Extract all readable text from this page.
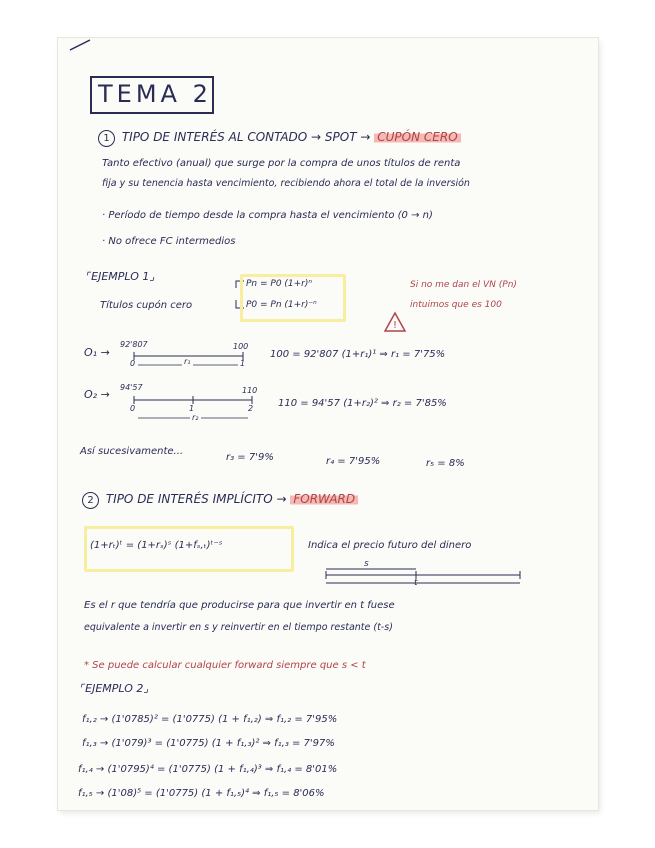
!
TEMA 2
1 TIPO DE INTERÉS AL CONTADO → SPOT → CUPÓN CERO
Tanto efectivo (anual) que surge por la compra de unos títulos de renta
fija y su tenencia hasta vencimiento, recibiendo ahora el total de la inversión
· Período de tiempo desde la compra hasta el vencimiento (0 → n)
· No ofrece FC intermedios
⌜EJEMPLO 1⌟
Títulos cupón cero
Pn = P0 (1+r)ⁿ
P0 = Pn (1+r)⁻ⁿ
Si no me dan el VN (Pn)
intuimos que es 100
O₁ →
92'807	100
0	1
r₁
100 = 92'807 (1+r₁)¹ ⇒ r₁ = 7'75%
O₂ →
94'57	110
0	1	2
r₂
110 = 94'57 (1+r₂)² ⇒ r₂ = 7'85%
Así sucesivamente...
r₃ = 7'9%	r₄ = 7'95%	r₅ = 8%
2 TIPO DE INTERÉS IMPLÍCITO → FORWARD
(1+rₜ)ᵗ = (1+rₛ)ˢ (1+fₛ,ₜ)ᵗ⁻ˢ	Indica el precio futuro del dinero
s
t
Es el r que tendría que producirse para que invertir en t fuese
equivalente a invertir en s y reinvertir en el tiempo restante (t-s)
* Se puede calcular cualquier forward siempre que s < t
⌜EJEMPLO 2⌟
f₁,₂ → (1'0785)² = (1'0775) (1 + f₁,₂) ⇒ f₁,₂ = 7'95%
f₁,₃ → (1'079)³ = (1'0775) (1 + f₁,₃)² ⇒ f₁,₃ = 7'97%
f₁,₄ → (1'0795)⁴ = (1'0775) (1 + f₁,₄)³ ⇒ f₁,₄ = 8'01%
f₁,₅ → (1'08)⁵ = (1'0775) (1 + f₁,₅)⁴ ⇒ f₁,₅ = 8'06%
